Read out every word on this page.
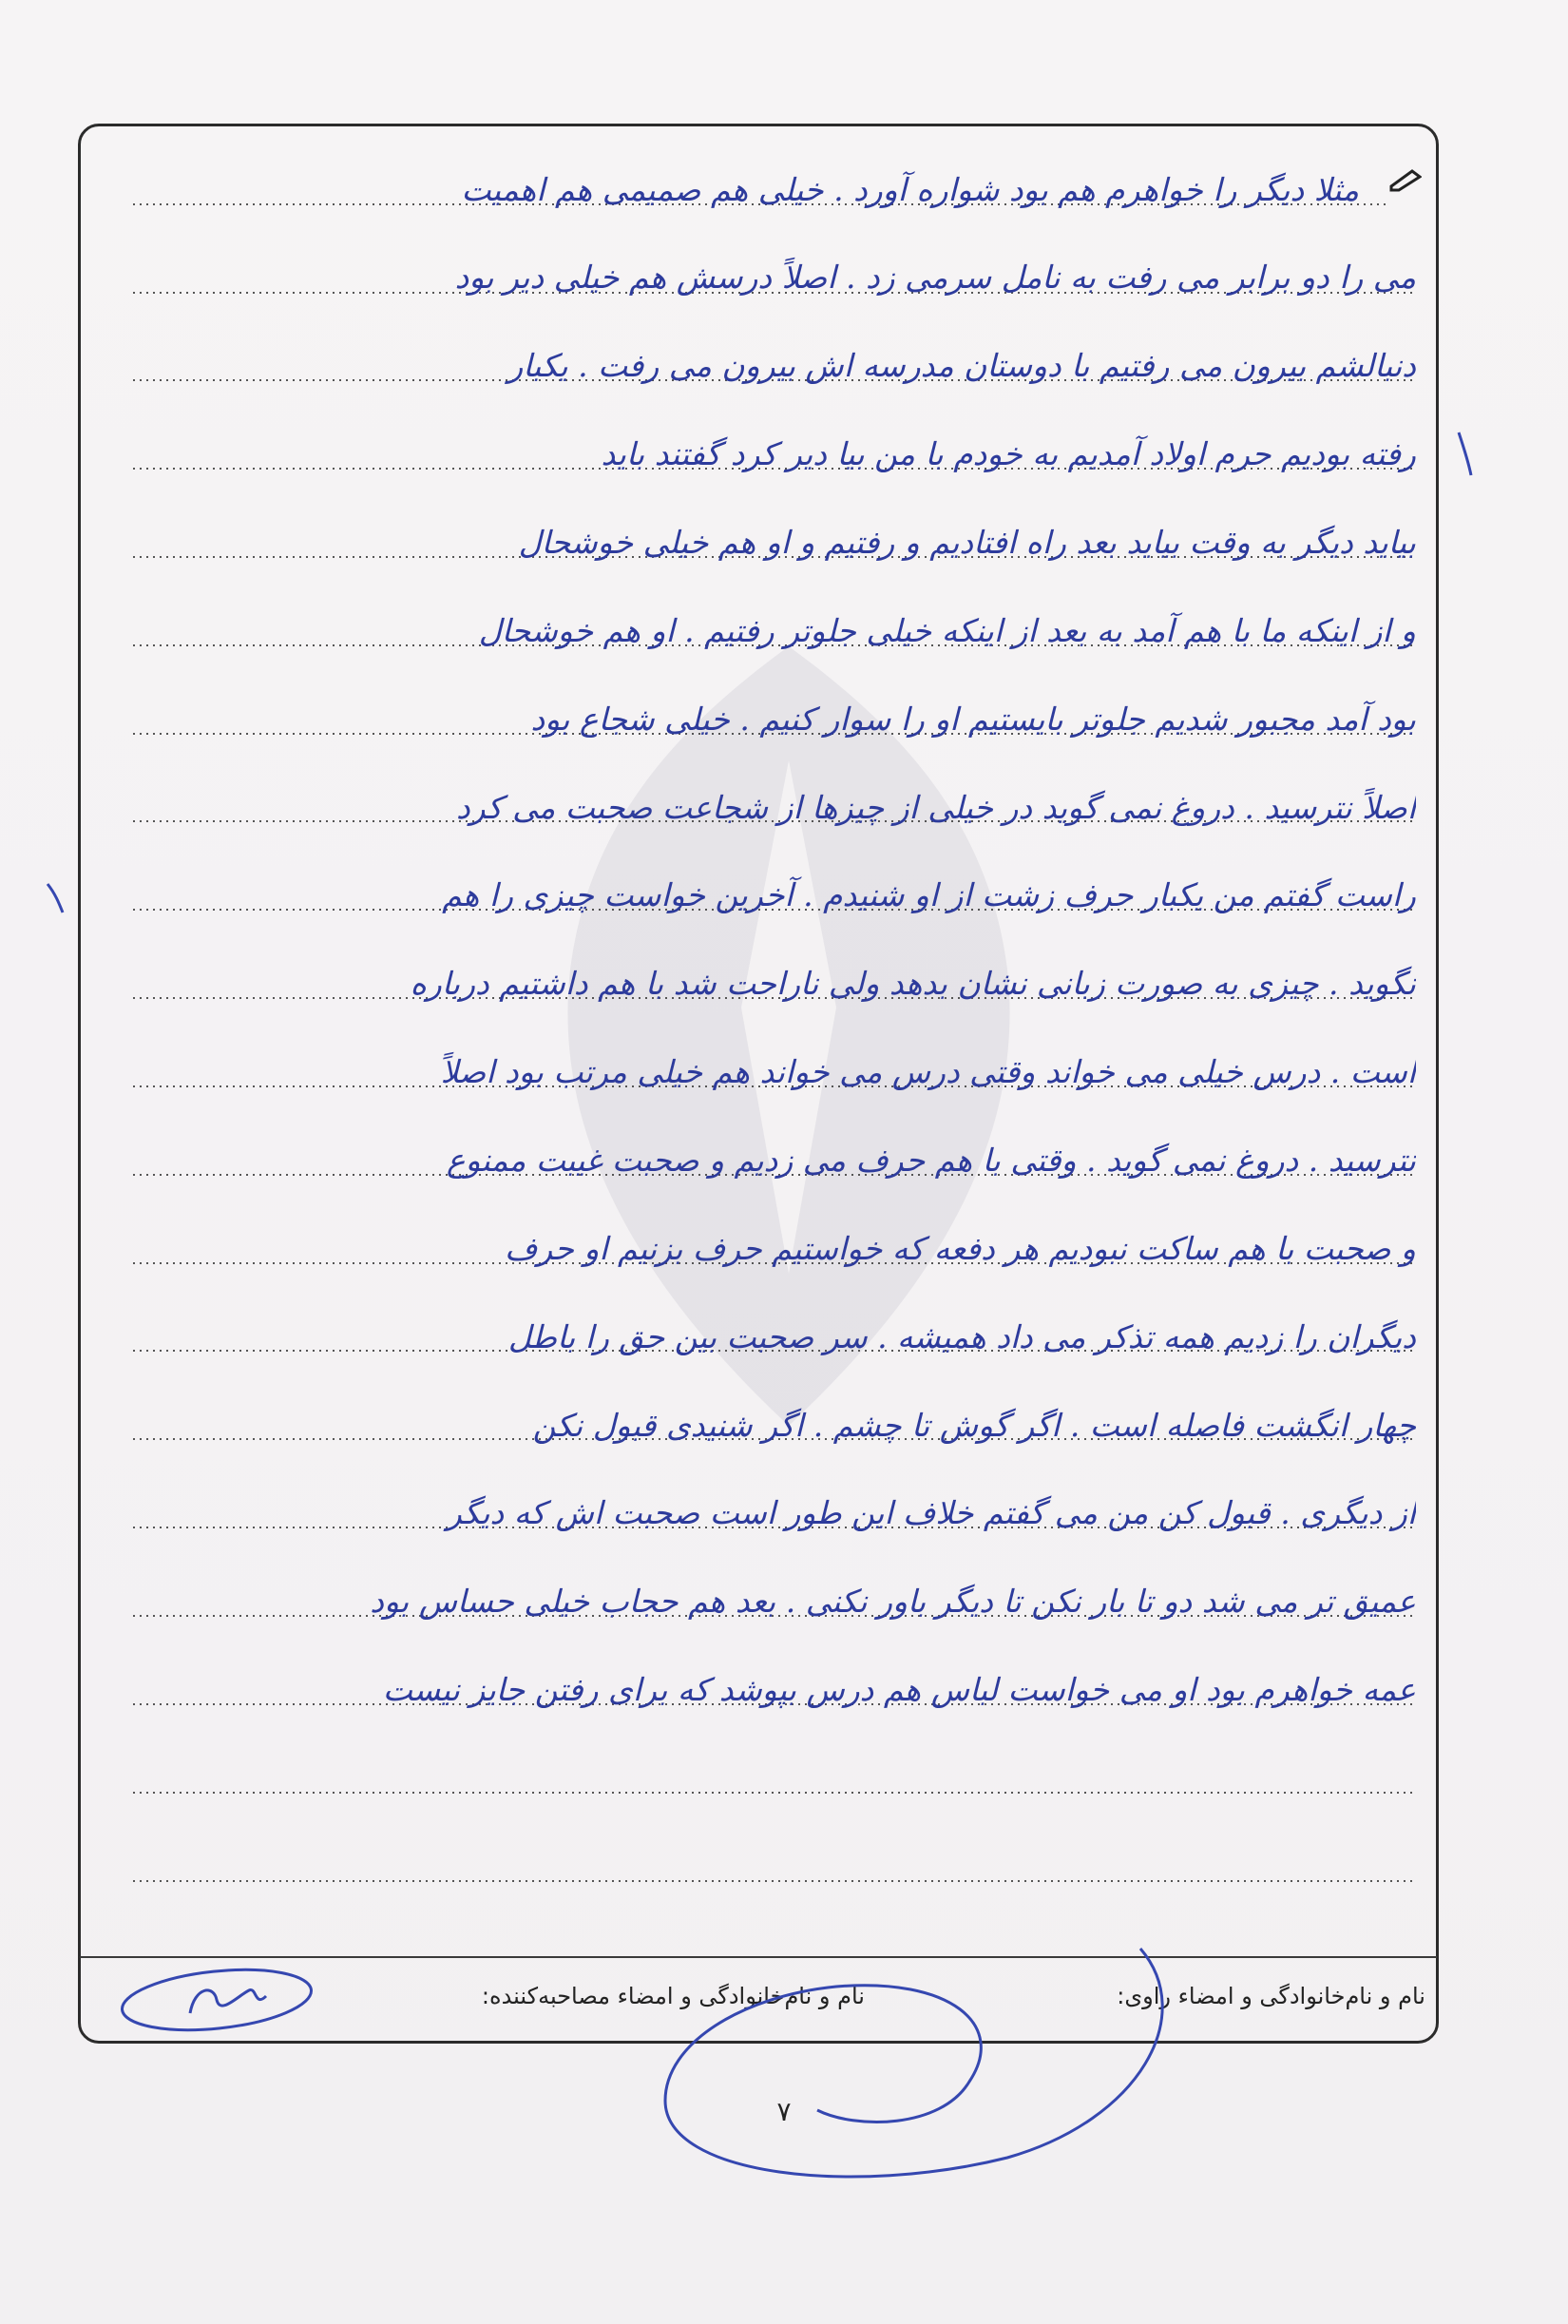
مثلا دیگر را خواهرم هم بود شواره آورد . خیلی هم صمیمی هم اهمیت
می را دو برابر می رفت به نامل سرمی زد . اصلاً درسش هم خیلی دیر بود
دنبالشم بیرون می رفتیم با دوستان مدرسه اش بیرون می رفت . یکبار
رفته بودیم حرم اولاد آمدیم به خودم با من بیا دیر کرد گفتند باید
بیاید دیگر به وقت بیاید بعد راه افتادیم و رفتیم و او هم خیلی خوشحال
و از اینکه ما با هم آمد به بعد از اینکه خیلی جلوتر رفتیم . او هم خوشحال
بود آمد مجبور شدیم جلوتر بایستیم او را سوار کنیم . خیلی شجاع بود
اصلاً نترسید . دروغ نمی گوید در خیلی از چیزها از شجاعت صحبت می کرد
راست گفتم من یکبار حرف زشت از او شنیدم . آخرین خواست چیزی را هم
نگوید . چیزی به صورت زبانی نشان بدهد ولی ناراحت شد با هم داشتیم درباره
است . درس خیلی می خواند وقتی درس می خواند هم خیلی مرتب بود اصلاً
نترسید . دروغ نمی گوید . وقتی با هم حرف می زدیم و صحبت غیبت ممنوع
و صحبت با هم ساکت نبودیم هر دفعه که خواستیم حرف بزنیم او حرف
دیگران را زدیم همه تذکر می داد همیشه . سر صحبت بین حق را باطل
چهار انگشت فاصله است . اگر گوش تا چشم . اگر شنیدی قبول نکن
از دیگری . قبول کن من می گفتم خلاف این طور است صحبت اش که دیگر
عمیق تر می شد دو تا بار نکن تا دیگر باور نکنی . بعد هم حجاب خیلی حساس بود
عمه خواهرم بود او می خواست لباس هم درس بپوشد که برای رفتن جایز نیست
نام و نام‌خانوادگی و امضاء راوی:
نام و نام‌خانوادگی و امضاء مصاحبه‌کننده:
۷
